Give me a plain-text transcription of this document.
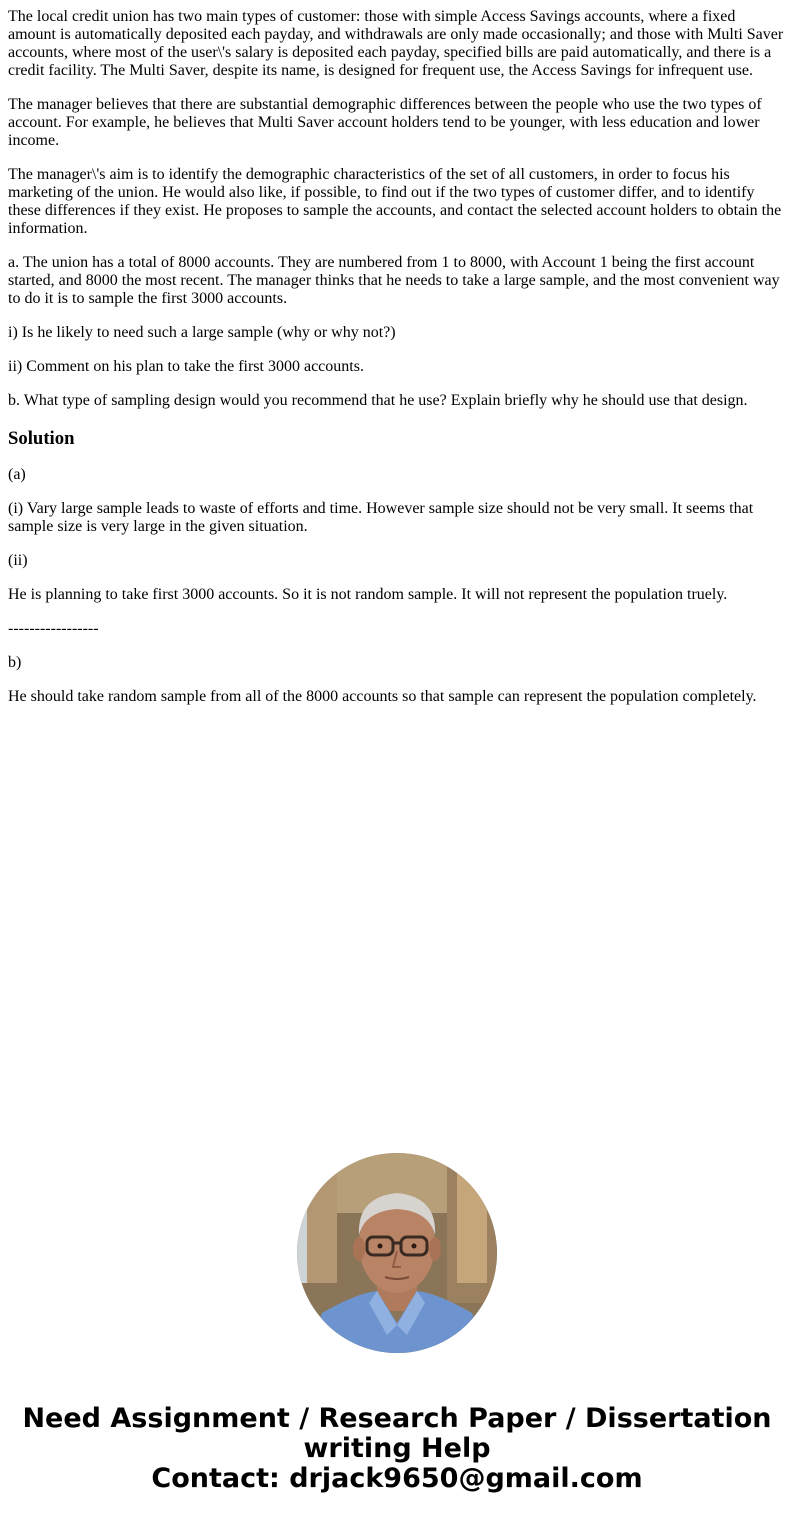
The local credit union has two main types of customer: those with simple Access Savings accounts, where a fixed amount is automatically deposited each payday, and withdrawals are only made occasionally; and those with Multi Saver accounts, where most of the user\'s salary is deposited each payday, specified bills are paid automatically, and there is a credit facility. The Multi Saver, despite its name, is designed for frequent use, the Access Savings for infrequent use.

The manager believes that there are substantial demographic differences between the people who use the two types of account. For example, he believes that Multi Saver account holders tend to be younger, with less education and lower income.

The manager\'s aim is to identify the demographic characteristics of the set of all customers, in order to focus his marketing of the union. He would also like, if possible, to find out if the two types of customer differ, and to identify these differences if they exist. He proposes to sample the accounts, and contact the selected account holders to obtain the information.

a. The union has a total of 8000 accounts. They are numbered from 1 to 8000, with Account 1 being the first account started, and 8000 the most recent. The manager thinks that he needs to take a large sample, and the most convenient way to do it is to sample the first 3000 accounts.

i) Is he likely to need such a large sample (why or why not?)

ii) Comment on his plan to take the first 3000 accounts.

b. What type of sampling design would you recommend that he use? Explain briefly why he should use that design.

Solution

(a)

(i) Vary large sample leads to waste of efforts and time. However sample size should not be very small. It seems that sample size is very large in the given situation.

(ii)

He is planning to take first 3000 accounts. So it is not random sample. It will not represent the population truely.

-----------------

b)

He should take random sample from all of the 8000 accounts so that sample can represent the population completely.

Need Assignment / Research Paper / Dissertation
writing Help
Contact: drjack9650@gmail.com
